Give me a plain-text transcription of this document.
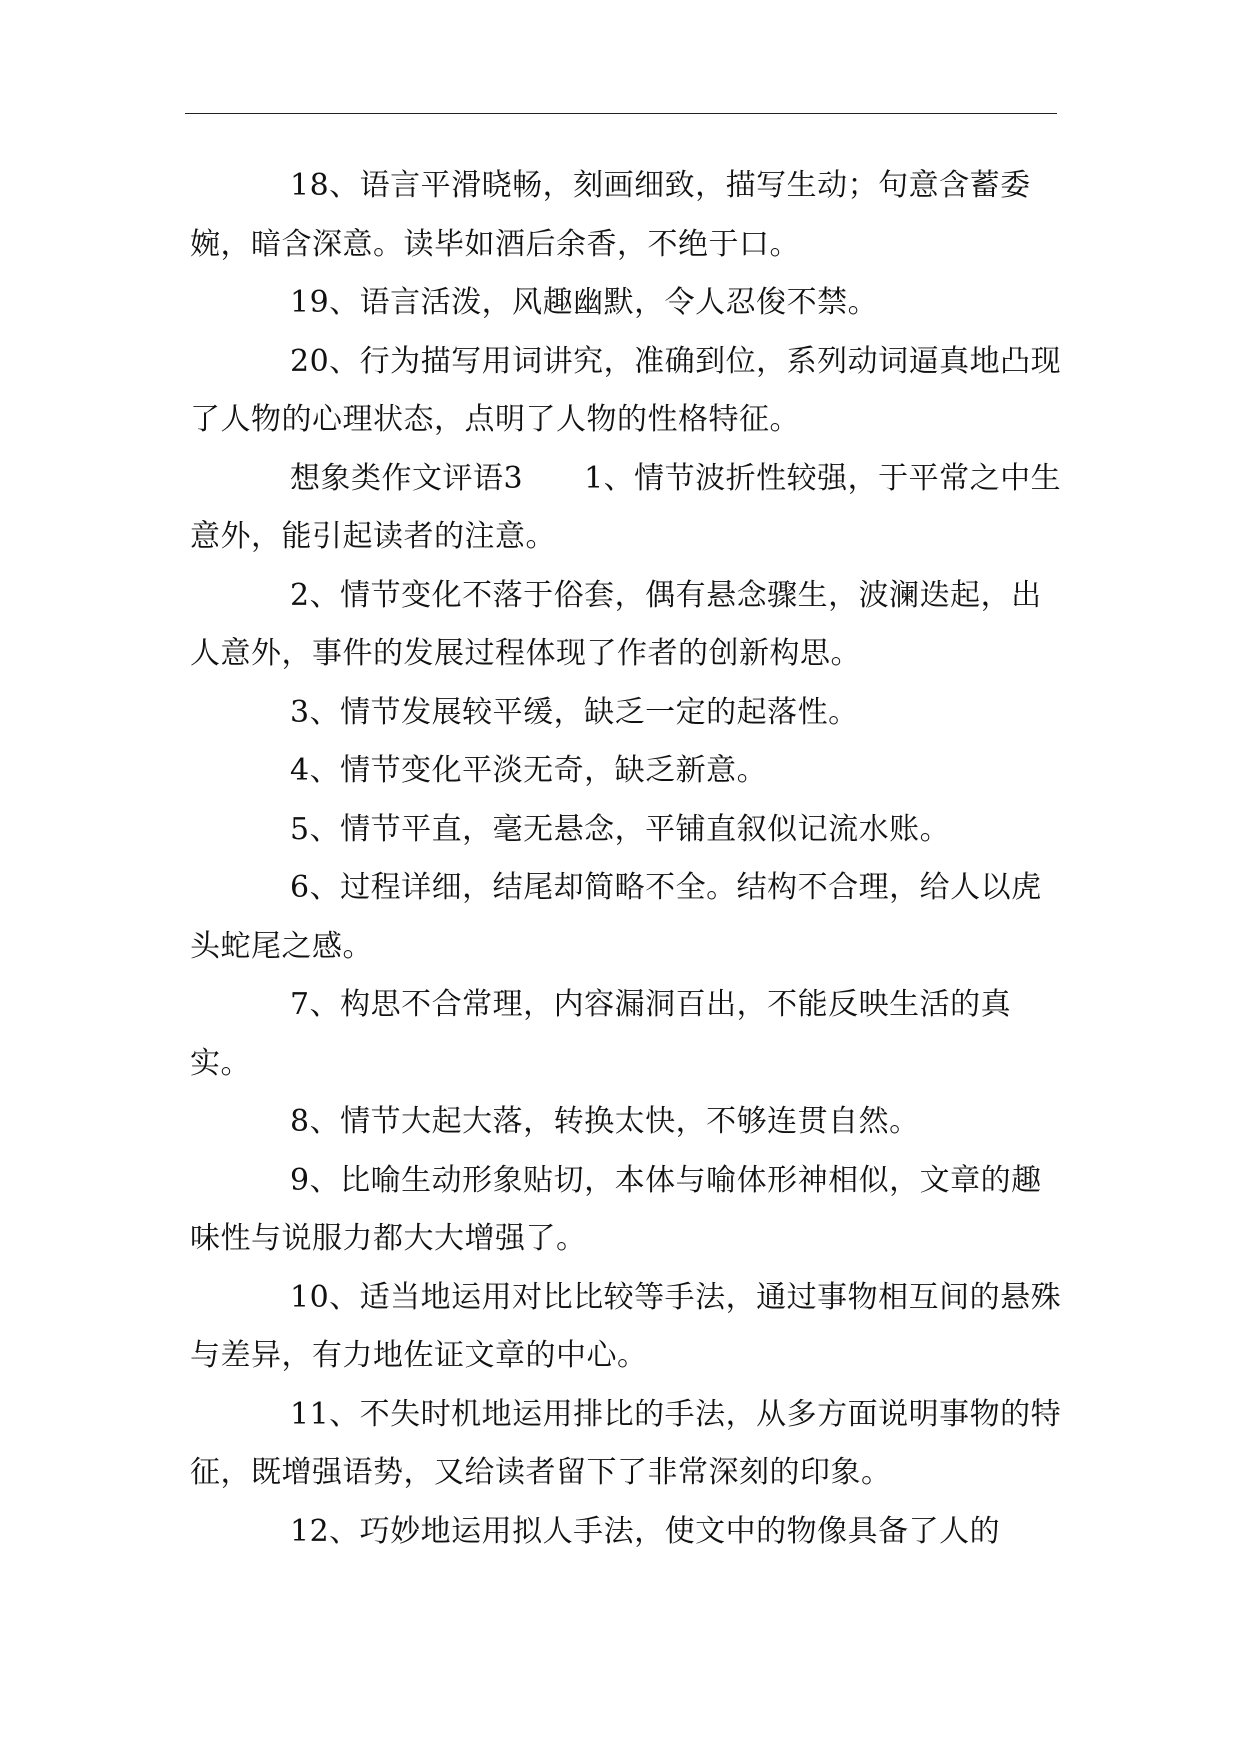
18、语言平滑晓畅，刻画细致，描写生动；句意含蓄委婉，暗含深意。读毕如酒后余香，不绝于口。

19、语言活泼，风趣幽默，令人忍俊不禁。

20、行为描写用词讲究，准确到位，系列动词逼真地凸现了人物的心理状态，点明了人物的性格特征。

想象类作文评语3　　1、情节波折性较强，于平常之中生意外，能引起读者的注意。

2、情节变化不落于俗套，偶有悬念骤生，波澜迭起，出人意外，事件的发展过程体现了作者的创新构思。

3、情节发展较平缓，缺乏一定的起落性。

4、情节变化平淡无奇，缺乏新意。

5、情节平直，毫无悬念，平铺直叙似记流水账。

6、过程详细，结尾却简略不全。结构不合理，给人以虎头蛇尾之感。

7、构思不合常理，内容漏洞百出，不能反映生活的真实。

8、情节大起大落，转换太快，不够连贯自然。

9、比喻生动形象贴切，本体与喻体形神相似，文章的趣味性与说服力都大大增强了。

10、适当地运用对比比较等手法，通过事物相互间的悬殊与差异，有力地佐证文章的中心。

11、不失时机地运用排比的手法，从多方面说明事物的特征，既增强语势，又给读者留下了非常深刻的印象。

12、巧妙地运用拟人手法，使文中的物像具备了人的
